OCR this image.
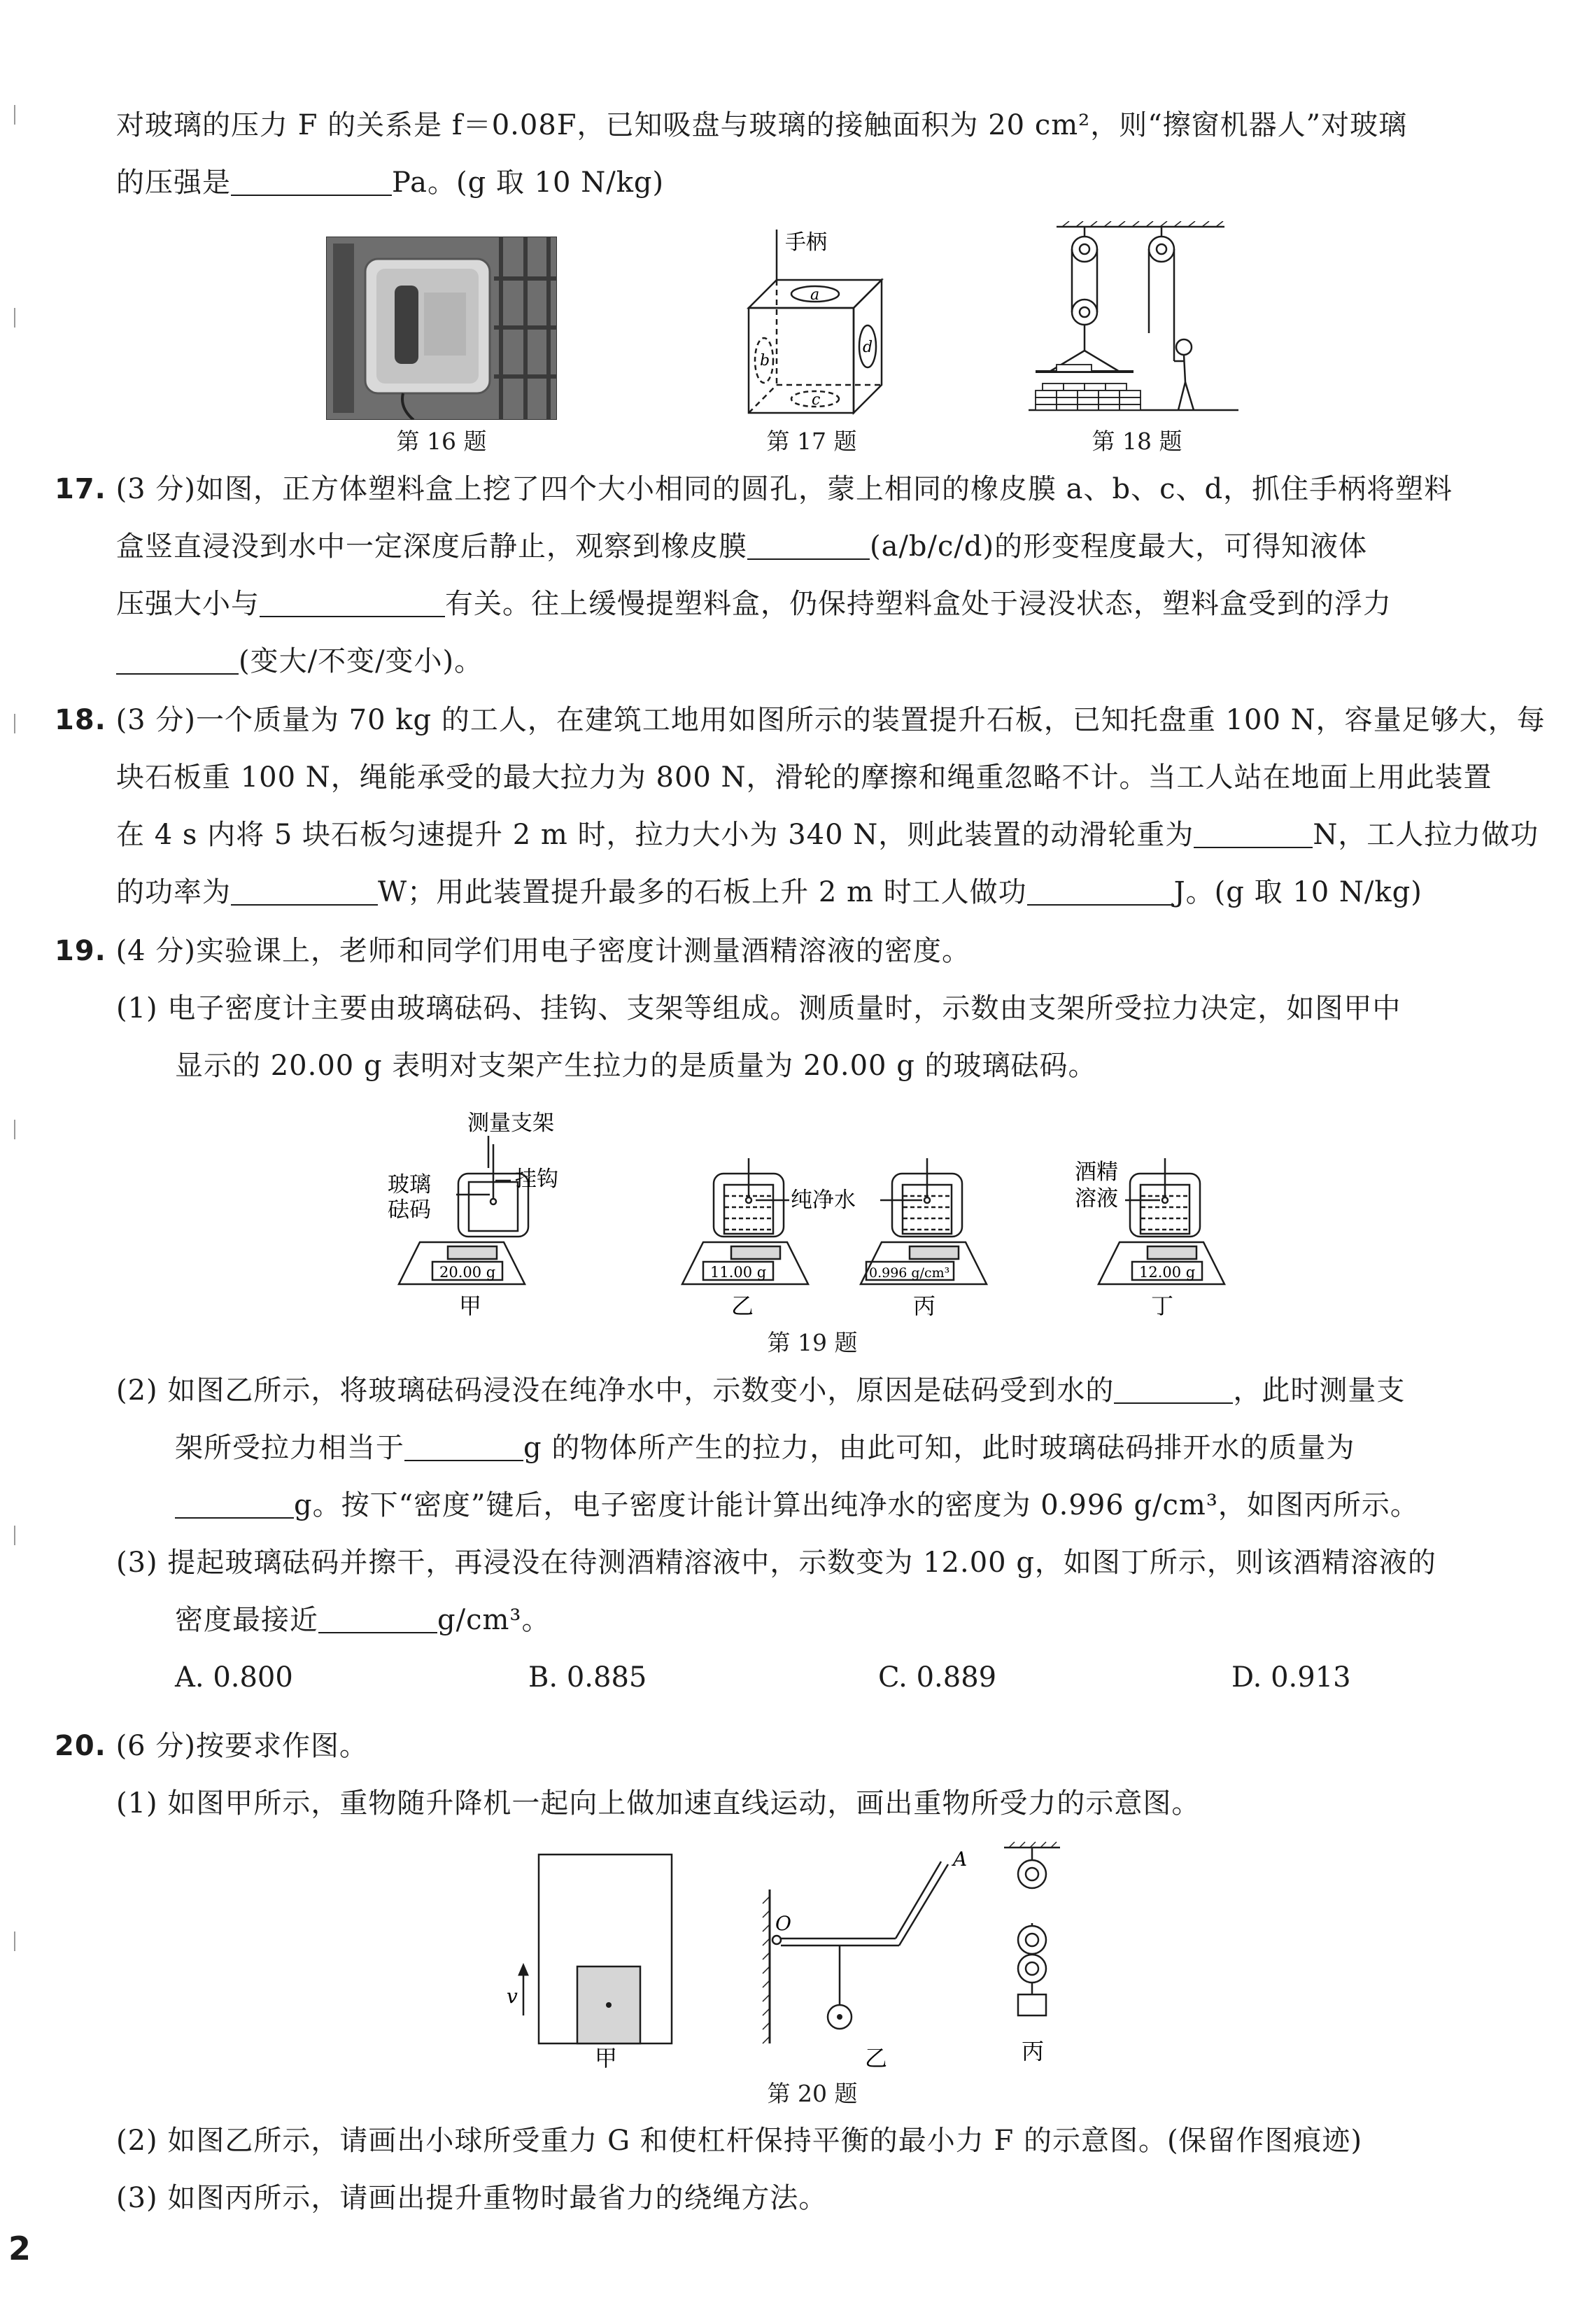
对玻璃的压力 F 的关系是 f＝0.08F，已知吸盘与玻璃的接触面积为 20 cm²，则“擦窗机器人”对玻璃
的压强是	Pa。(g 取 10 N/kg)
第 16 题
手柄
a
b
d
c
第 17 题	第 18 题
17. (3 分)如图，正方体塑料盒上挖了四个大小相同的圆孔，蒙上相同的橡皮膜 a、b、c、d，抓住手柄将塑料
盒竖直浸没到水中一定深度后静止，观察到橡皮膜	(a/b/c/d)的形变程度最大，可得知液体
压强大小与	有关。往上缓慢提塑料盒，仍保持塑料盒处于浸没状态，塑料盒受到的浮力
(变大/不变/变小)。
18. (3 分)一个质量为 70 kg 的工人，在建筑工地用如图所示的装置提升石板，已知托盘重 100 N，容量足够大，每
块石板重 100 N，绳能承受的最大拉力为 800 N，滑轮的摩擦和绳重忽略不计。当工人站在地面上用此装置
在 4 s 内将 5 块石板匀速提升 2 m 时，拉力大小为 340 N，则此装置的动滑轮重为	N，工人拉力做功
的功率为	W；用此装置提升最多的石板上升 2 m 时工人做功	J。(g 取 10 N/kg)
19. (4 分)实验课上，老师和同学们用电子密度计测量酒精溶液的密度。
(1) 电子密度计主要由玻璃砝码、挂钩、支架等组成。测质量时，示数由支架所受拉力决定，如图甲中
显示的 20.00 g 表明对支架产生拉力的是质量为 20.00 g 的玻璃砝码。
测量支架
挂钩
玻璃
砝码	纯净水
酒精
溶液
20.00 g	11.00 g	0.996 g/cm³	12.00 g
甲	乙	丙	丁
第 19 题
(2) 如图乙所示，将玻璃砝码浸没在纯净水中，示数变小，原因是砝码受到水的	，此时测量支
架所受拉力相当于	g 的物体所产生的拉力，由此可知，此时玻璃砝码排开水的质量为
g。按下“密度”键后，电子密度计能计算出纯净水的密度为 0.996 g/cm³，如图丙所示。
(3) 提起玻璃砝码并擦干，再浸没在待测酒精溶液中，示数变为 12.00 g，如图丁所示，则该酒精溶液的
密度最接近	g/cm³。
A. 0.800	B. 0.885	C. 0.889	D. 0.913
20. (6 分)按要求作图。
(1) 如图甲所示，重物随升降机一起向上做加速直线运动，画出重物所受力的示意图。
v
O
A
甲	乙	丙
第 20 题
(2) 如图乙所示，请画出小球所受重力 G 和使杠杆保持平衡的最小力 F 的示意图。(保留作图痕迹)
(3) 如图丙所示，请画出提升重物时最省力的绕绳方法。
2
